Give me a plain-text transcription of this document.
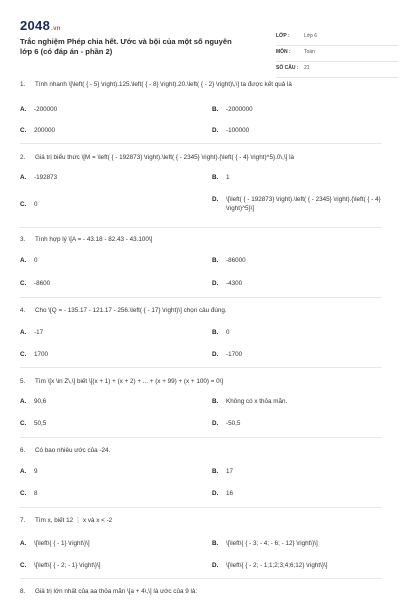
2048.vn
Trắc nghiệm Phép chia hết. Ước và bội của một số nguyên lớp 6 (có đáp án - phần 2)
LỚP :	Lớp 6
MÔN :	Toán
SỐ CÂU : 21
1. Tính nhanh \[\left( { - 5} \right).125.\left( { - 8} \right).20.\left( { - 2} \right)\,\] ta được kết quả là
A. -200000	B. -2000000
C. 200000	D. -100000
2. Giá trị biểu thức \[M = \left( { - 192873} \right).\left( { - 2345} \right).{\left( { - 4} \right)^5}.0\,\] là
A. -192873	B. 1
C. 0
D. \[\left( { - 192873} \right).\left( { - 2345} \right).{\left( { - 4} \right)^5}\]
3. Tính hợp lý \[A = - 43.18 - 82.43 - 43.100\]
A. 0	B. -86000
C. -8600	D. -4300
4. Cho \[Q = - 135.17 - 121.17 - 256.\left( { - 17} \right)\] chọn câu đúng.
A. -17	B. 0
C. 1700	D. -1700
5. Tìm \[x \in Z\,\] biết \[(x + 1) + (x + 2) + ... + (x + 99) + (x + 100) = 0\]
A. 90,6	B. Không có x thỏa mãn.
C. 50,5	D. -50,5
6. Có bao nhiêu ước của -24.
A. 9	B. 17
C. 8	D. 16
7. Tìm x, biết 12 ⋮ x và x < -2
A. \[\left\{ { - 1} \right\}\]	B. \[\left\{ { - 3; - 4; - 6; - 12} \right\}\]
C. \[\left\{ { - 2; - 1} \right\}\]	D. \[\left\{ { - 2; - 1;1;2;3;4;6;12} \right\}\]
8. Giá trị lớn nhất của aa thỏa mãn \[a + 4\,\] là ước của 9 là:
